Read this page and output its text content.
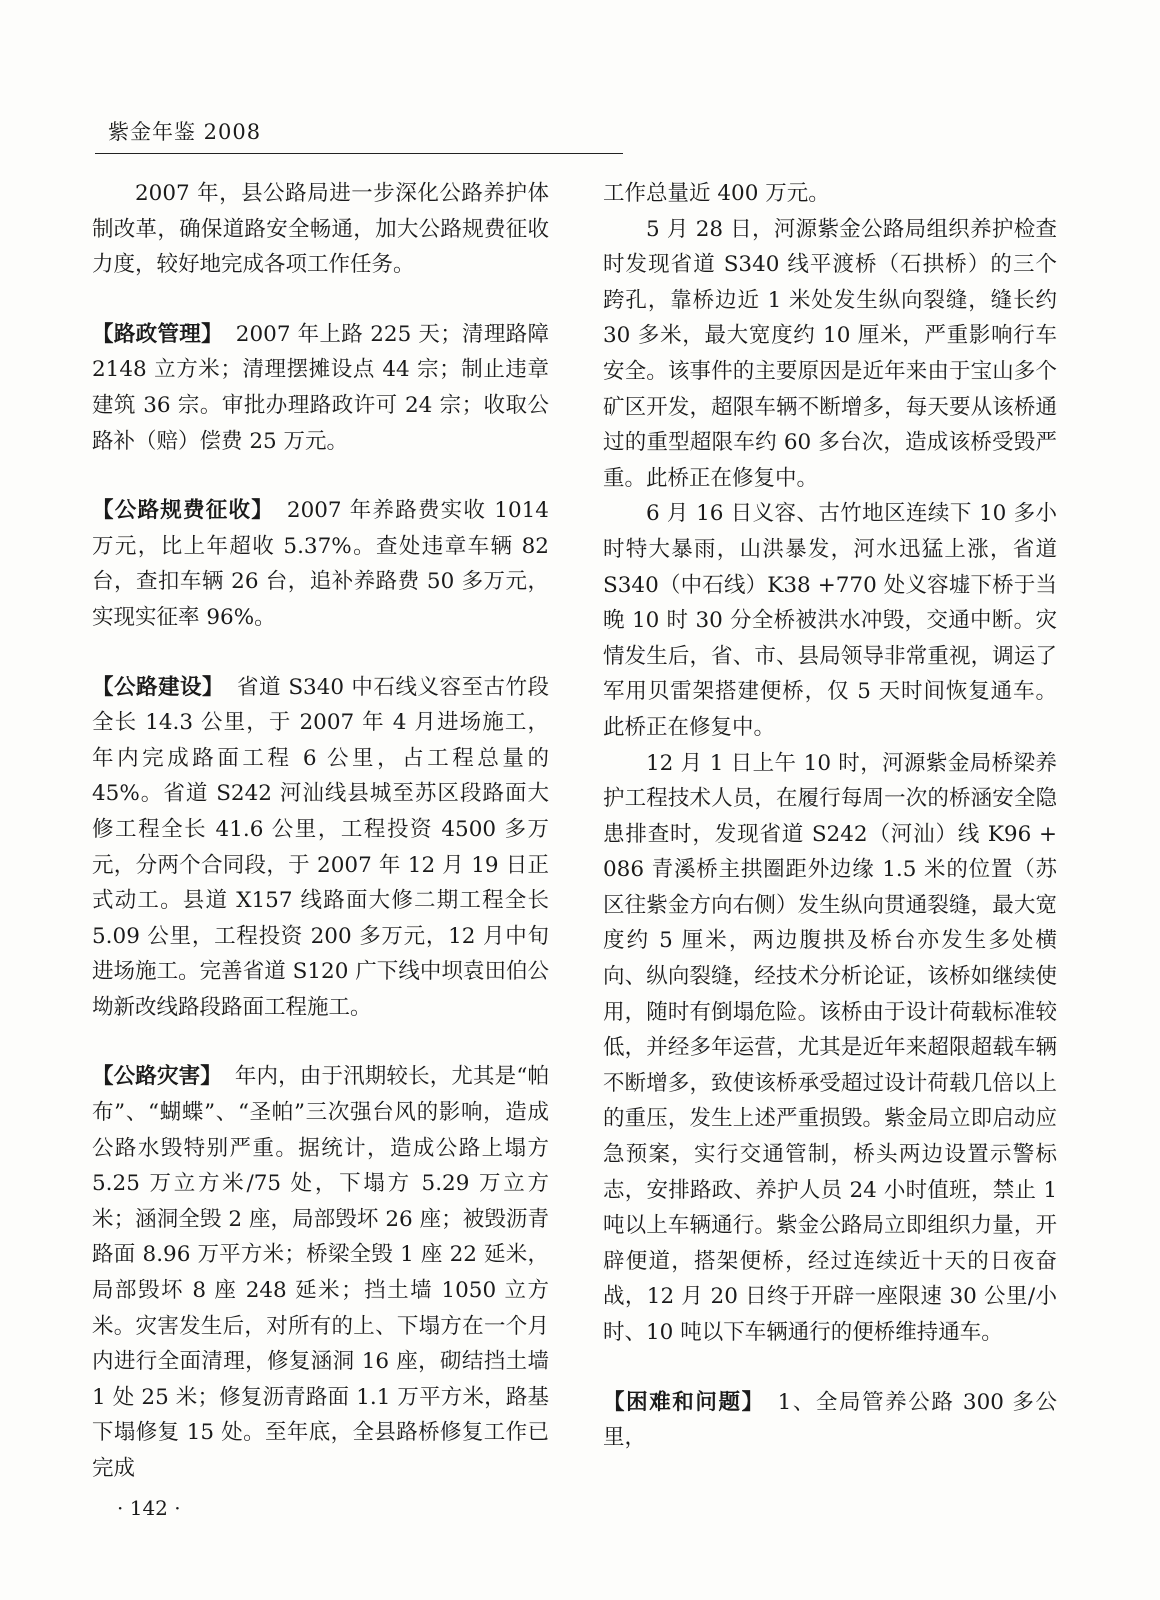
紫金年鉴 2008

2007 年，县公路局进一步深化公路养护体制改革，确保道路安全畅通，加大公路规费征收力度，较好地完成各项工作任务。

【路政管理】 2007 年上路 225 天；清理路障 2148 立方米；清理摆摊设点 44 宗；制止违章建筑 36 宗。审批办理路政许可 24 宗；收取公路补（赔）偿费 25 万元。

【公路规费征收】 2007 年养路费实收 1014 万元，比上年超收 5.37%。查处违章车辆 82 台，查扣车辆 26 台，追补养路费 50 多万元，实现实征率 96%。

【公路建设】 省道 S340 中石线义容至古竹段全长 14.3 公里，于 2007 年 4 月进场施工，年内完成路面工程 6 公里，占工程总量的 45%。省道 S242 河汕线县城至苏区段路面大修工程全长 41.6 公里，工程投资 4500 多万元，分两个合同段，于 2007 年 12 月 19 日正式动工。县道 X157 线路面大修二期工程全长 5.09 公里，工程投资 200 多万元，12 月中旬进场施工。完善省道 S120 广下线中坝袁田伯公坳新改线路段路面工程施工。

【公路灾害】 年内，由于汛期较长，尤其是“帕布”、“蝴蝶”、“圣帕”三次强台风的影响，造成公路水毁特别严重。据统计，造成公路上塌方 5.25 万立方米/75 处，下塌方 5.29 万立方米；涵洞全毁 2 座，局部毁坏 26 座；被毁沥青路面 8.96 万平方米；桥梁全毁 1 座 22 延米，局部毁坏 8 座 248 延米；挡土墙 1050 立方米。灾害发生后，对所有的上、下塌方在一个月内进行全面清理，修复涵洞 16 座，砌结挡土墙 1 处 25 米；修复沥青路面 1.1 万平方米，路基下塌修复 15 处。至年底，全县路桥修复工作已完成

工作总量近 400 万元。

5 月 28 日，河源紫金公路局组织养护检查时发现省道 S340 线平渡桥（石拱桥）的三个跨孔，靠桥边近 1 米处发生纵向裂缝，缝长约 30 多米，最大宽度约 10 厘米，严重影响行车安全。该事件的主要原因是近年来由于宝山多个矿区开发，超限车辆不断增多，每天要从该桥通过的重型超限车约 60 多台次，造成该桥受毁严重。此桥正在修复中。

6 月 16 日义容、古竹地区连续下 10 多小时特大暴雨，山洪暴发，河水迅猛上涨，省道 S340（中石线）K38 +770 处义容墟下桥于当晚 10 时 30 分全桥被洪水冲毁，交通中断。灾情发生后，省、市、县局领导非常重视，调运了军用贝雷架搭建便桥，仅 5 天时间恢复通车。此桥正在修复中。

12 月 1 日上午 10 时，河源紫金局桥梁养护工程技术人员，在履行每周一次的桥涵安全隐患排查时，发现省道 S242（河汕）线 K96 + 086 青溪桥主拱圈距外边缘 1.5 米的位置（苏区往紫金方向右侧）发生纵向贯通裂缝，最大宽度约 5 厘米，两边腹拱及桥台亦发生多处横向、纵向裂缝，经技术分析论证，该桥如继续使用，随时有倒塌危险。该桥由于设计荷载标准较低，并经多年运营，尤其是近年来超限超载车辆不断增多，致使该桥承受超过设计荷载几倍以上的重压，发生上述严重损毁。紫金局立即启动应急预案，实行交通管制，桥头两边设置示警标志，安排路政、养护人员 24 小时值班，禁止 1 吨以上车辆通行。紫金公路局立即组织力量，开辟便道，搭架便桥，经过连续近十天的日夜奋战，12 月 20 日终于开辟一座限速 30 公里/小时、10 吨以下车辆通行的便桥维持通车。

【困难和问题】 1、全局管养公路 300 多公里，

· 142 ·
